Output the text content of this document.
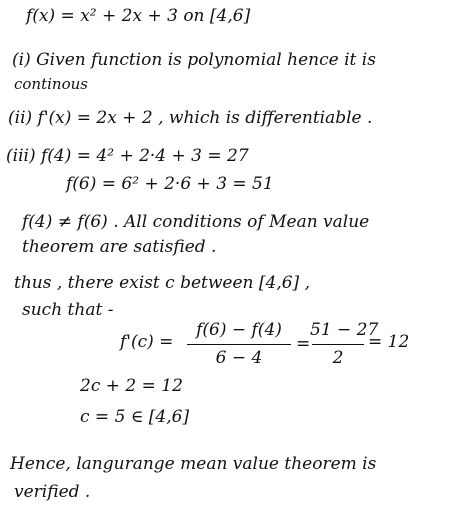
f(x) = x² + 2x + 3 on [4,6]
(i) Given function is polynomial hence it is
continous
(ii) f'(x) = 2x + 2 , which is differentiable .
(iii) f(4) = 4² + 2·4 + 3 = 27
f(6) = 6² + 2·6 + 3 = 51
f(4) ≠ f(6) . All conditions of Mean value
theorem are satisfied .
thus , there exist c between [4,6] ,
such that -
f'(c) =
f(6) − f(4)
6 − 4
=
51 − 27
2
= 12
2c + 2 = 12
c = 5 ∈ [4,6]
Hence, langurange mean value theorem is
verified .
